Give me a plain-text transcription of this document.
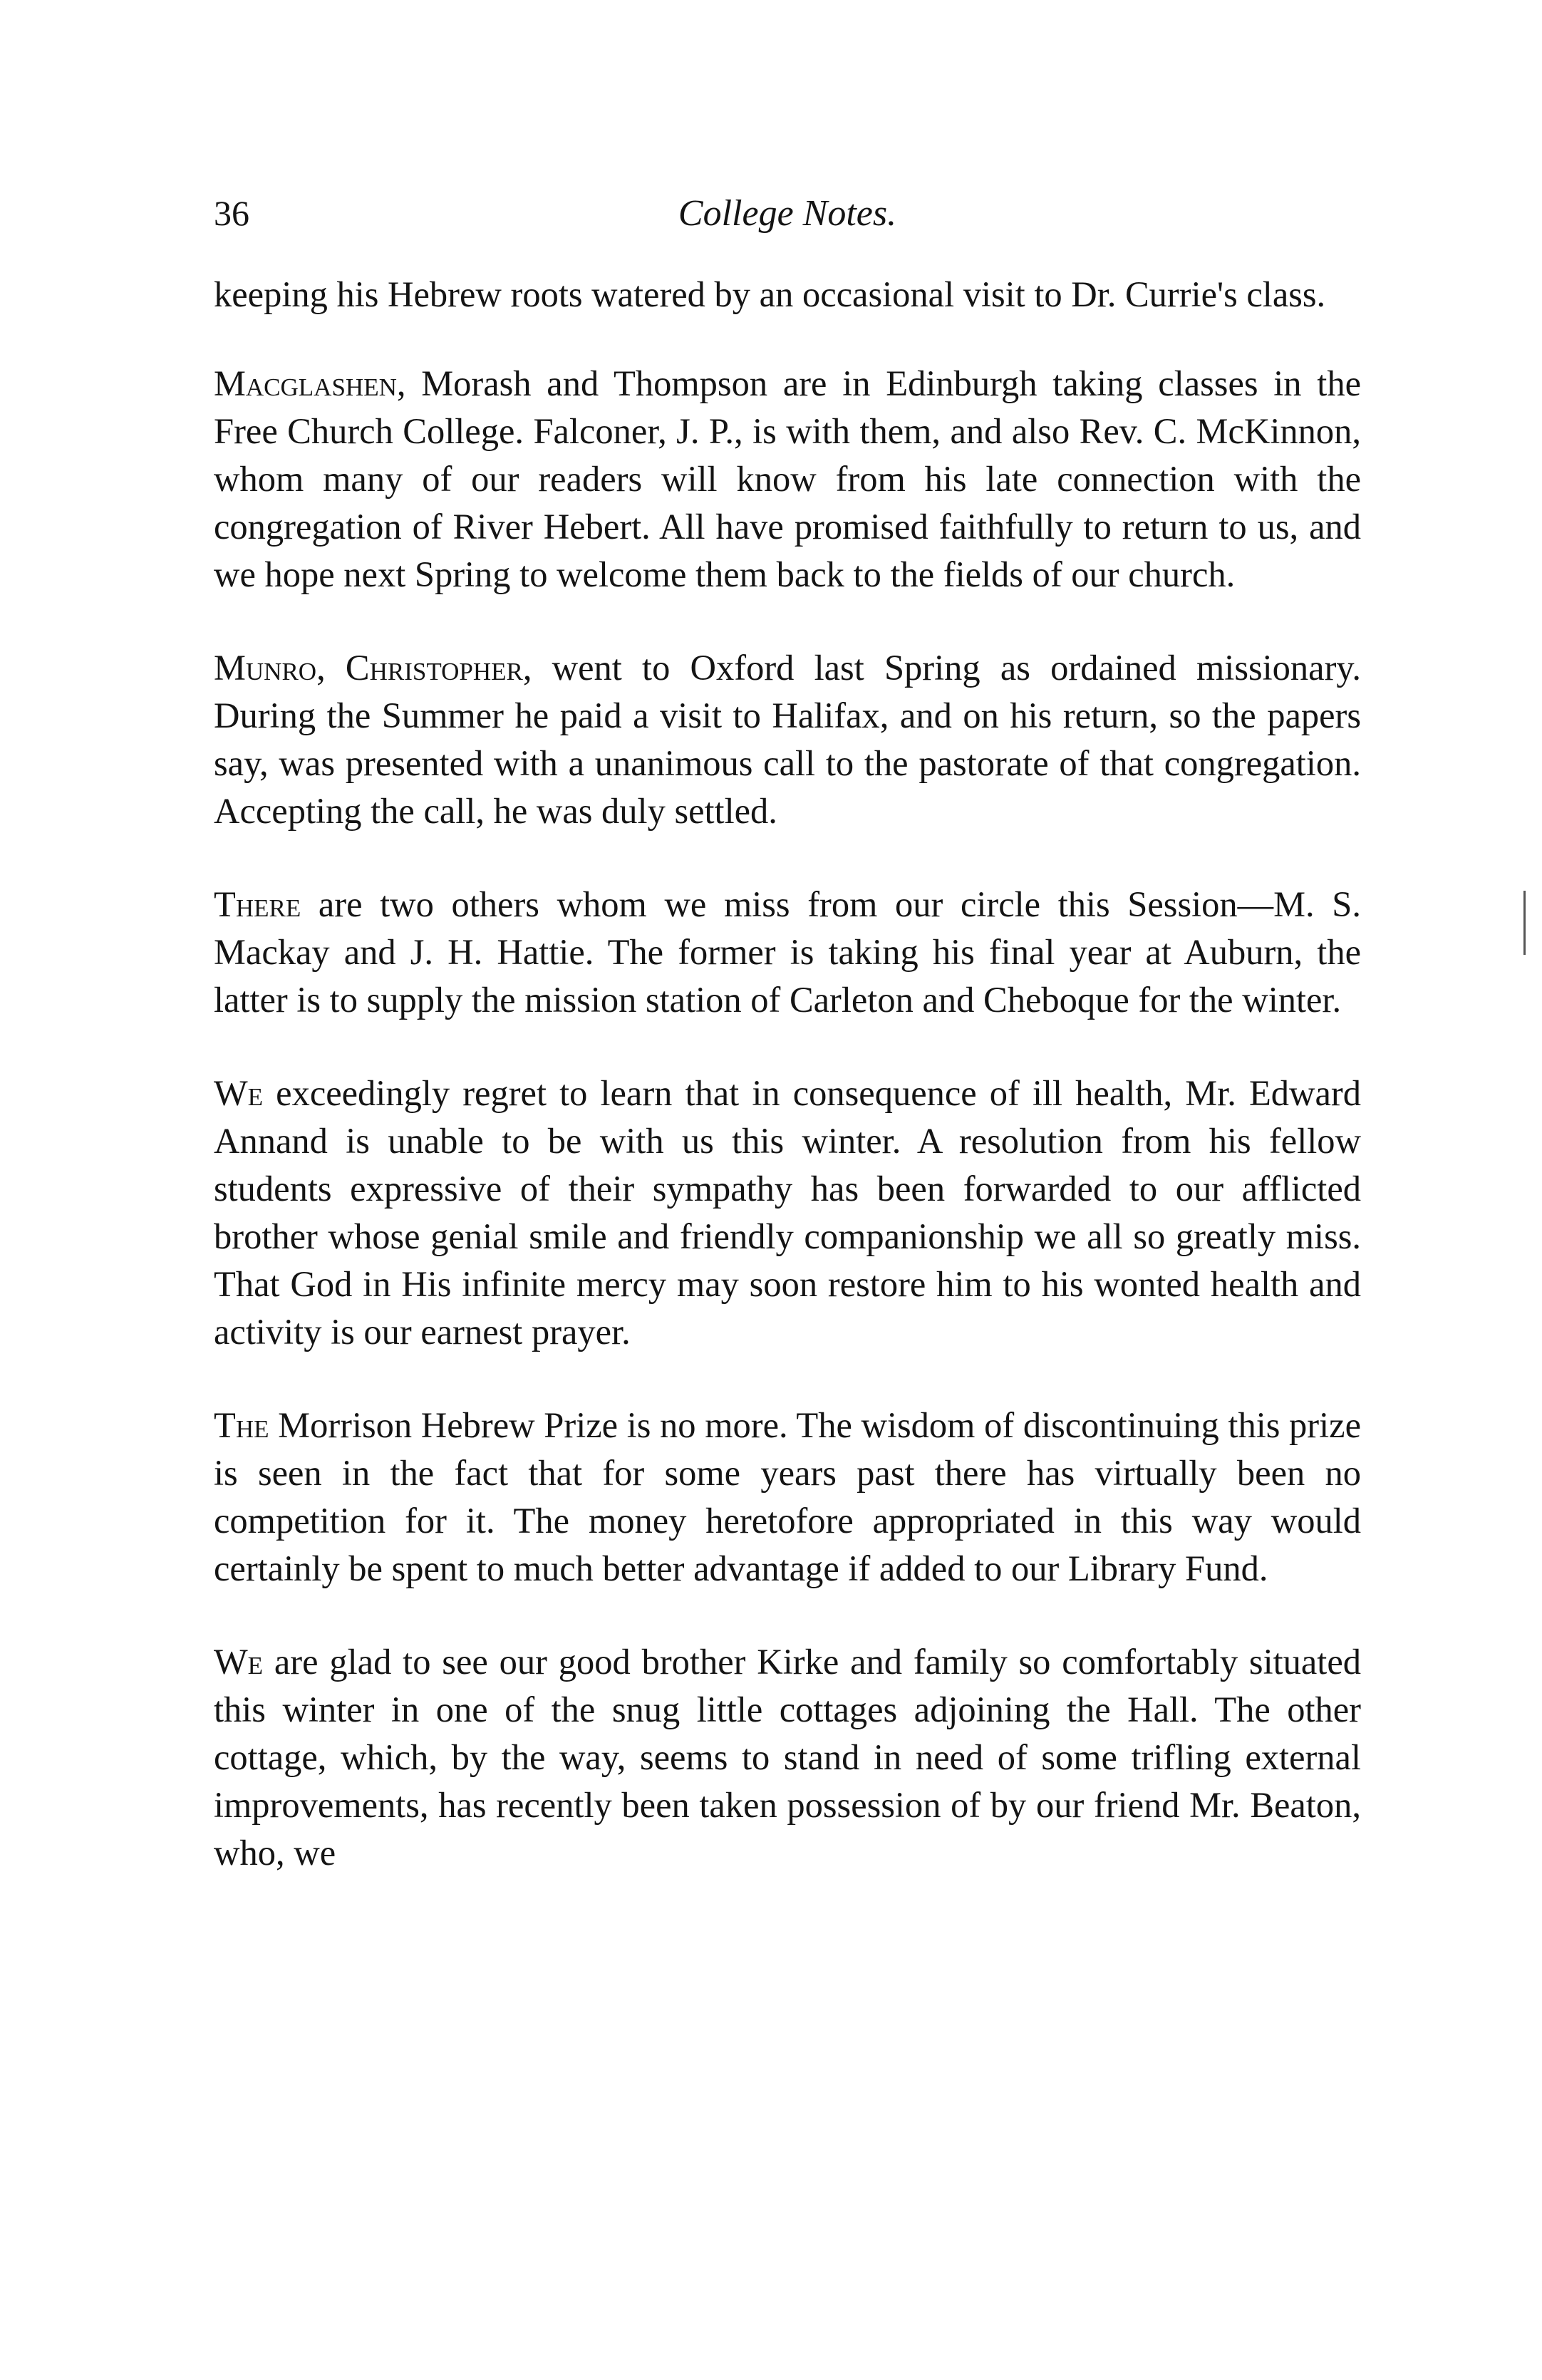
36	College Notes.

keeping his Hebrew roots watered by an occasional visit to Dr. Currie's class.

Macglashen, Morash and Thompson are in Edinburgh taking classes in the Free Church College. Falconer, J. P., is with them, and also Rev. C. McKinnon, whom many of our readers will know from his late connection with the congregation of River Hebert. All have promised faithfully to return to us, and we hope next Spring to welcome them back to the fields of our church.

Munro, Christopher, went to Oxford last Spring as ordained missionary. During the Summer he paid a visit to Halifax, and on his return, so the papers say, was presented with a unanimous call to the pastorate of that congregation. Accepting the call, he was duly settled.

There are two others whom we miss from our circle this Session—M. S. Mackay and J. H. Hattie. The former is taking his final year at Auburn, the latter is to supply the mission station of Carleton and Cheboque for the winter.

We exceedingly regret to learn that in consequence of ill health, Mr. Edward Annand is unable to be with us this winter. A resolution from his fellow students expressive of their sympathy has been forwarded to our afflicted brother whose genial smile and friendly companionship we all so greatly miss. That God in His infinite mercy may soon restore him to his wonted health and activity is our earnest prayer.

The Morrison Hebrew Prize is no more. The wisdom of discontinuing this prize is seen in the fact that for some years past there has virtually been no competition for it. The money heretofore appropriated in this way would certainly be spent to much better advantage if added to our Library Fund.

We are glad to see our good brother Kirke and family so comfortably situated this winter in one of the snug little cottages adjoining the Hall. The other cottage, which, by the way, seems to stand in need of some trifling external improvements, has recently been taken possession of by our friend Mr. Beaton, who, we
